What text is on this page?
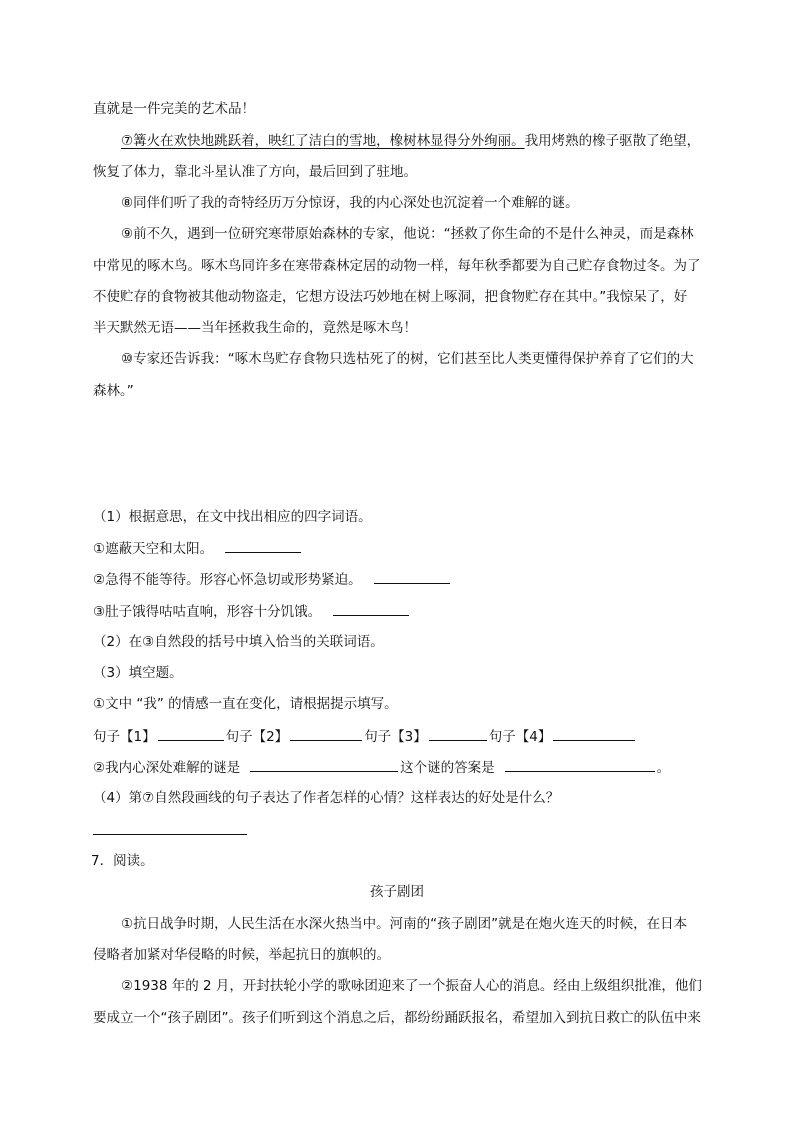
直就是一件完美的艺术品！
⑦篝火在欢快地跳跃着，映红了洁白的雪地，橡树林显得分外绚丽。我用烤熟的橡子驱散了绝望，
恢复了体力，靠北斗星认准了方向，最后回到了驻地。
⑧同伴们听了我的奇特经历万分惊讶，我的内心深处也沉淀着一个难解的谜。
⑨前不久，遇到一位研究寒带原始森林的专家，他说：“拯救了你生命的不是什么神灵，而是森林
中常见的啄木鸟。啄木鸟同许多在寒带森林定居的动物一样，每年秋季都要为自己贮存食物过冬。为了
不使贮存的食物被其他动物盗走，它想方设法巧妙地在树上啄洞，把食物贮存在其中。”我惊呆了，好
半天默然无语——当年拯救我生命的，竟然是啄木鸟！
⑩专家还告诉我：“啄木鸟贮存食物只选枯死了的树，它们甚至比人类更懂得保护养育了它们的大
森林。”
（1）根据意思，在文中找出相应的四字词语。
①遮蔽天空和太阳。
②急得不能等待。形容心怀急切或形势紧迫。
③肚子饿得咕咕直响，形容十分饥饿。
（2）在③自然段的括号中填入恰当的关联词语。
（3）填空题。
①文中 “我” 的情感一直在变化，请根据提示填写。
句子【1】	句子【2】	句子【3】	句子【4】
②我内心深处难解的谜是	这个谜的答案是	。
（4）第⑦自然段画线的句子表达了作者怎样的心情？这样表达的好处是什么？
7．阅读。
孩子剧团
①抗日战争时期，人民生活在水深火热当中。河南的“孩子剧团”就是在炮火连天的时候，在日本
侵略者加紧对华侵略的时候，举起抗日的旗帜的。
②1938 年的 2 月，开封扶轮小学的歌咏团迎来了一个振奋人心的消息。经由上级组织批准，他们
要成立一个“孩子剧团”。孩子们听到这个消息之后，都纷纷踊跃报名，希望加入到抗日救亡的队伍中来
